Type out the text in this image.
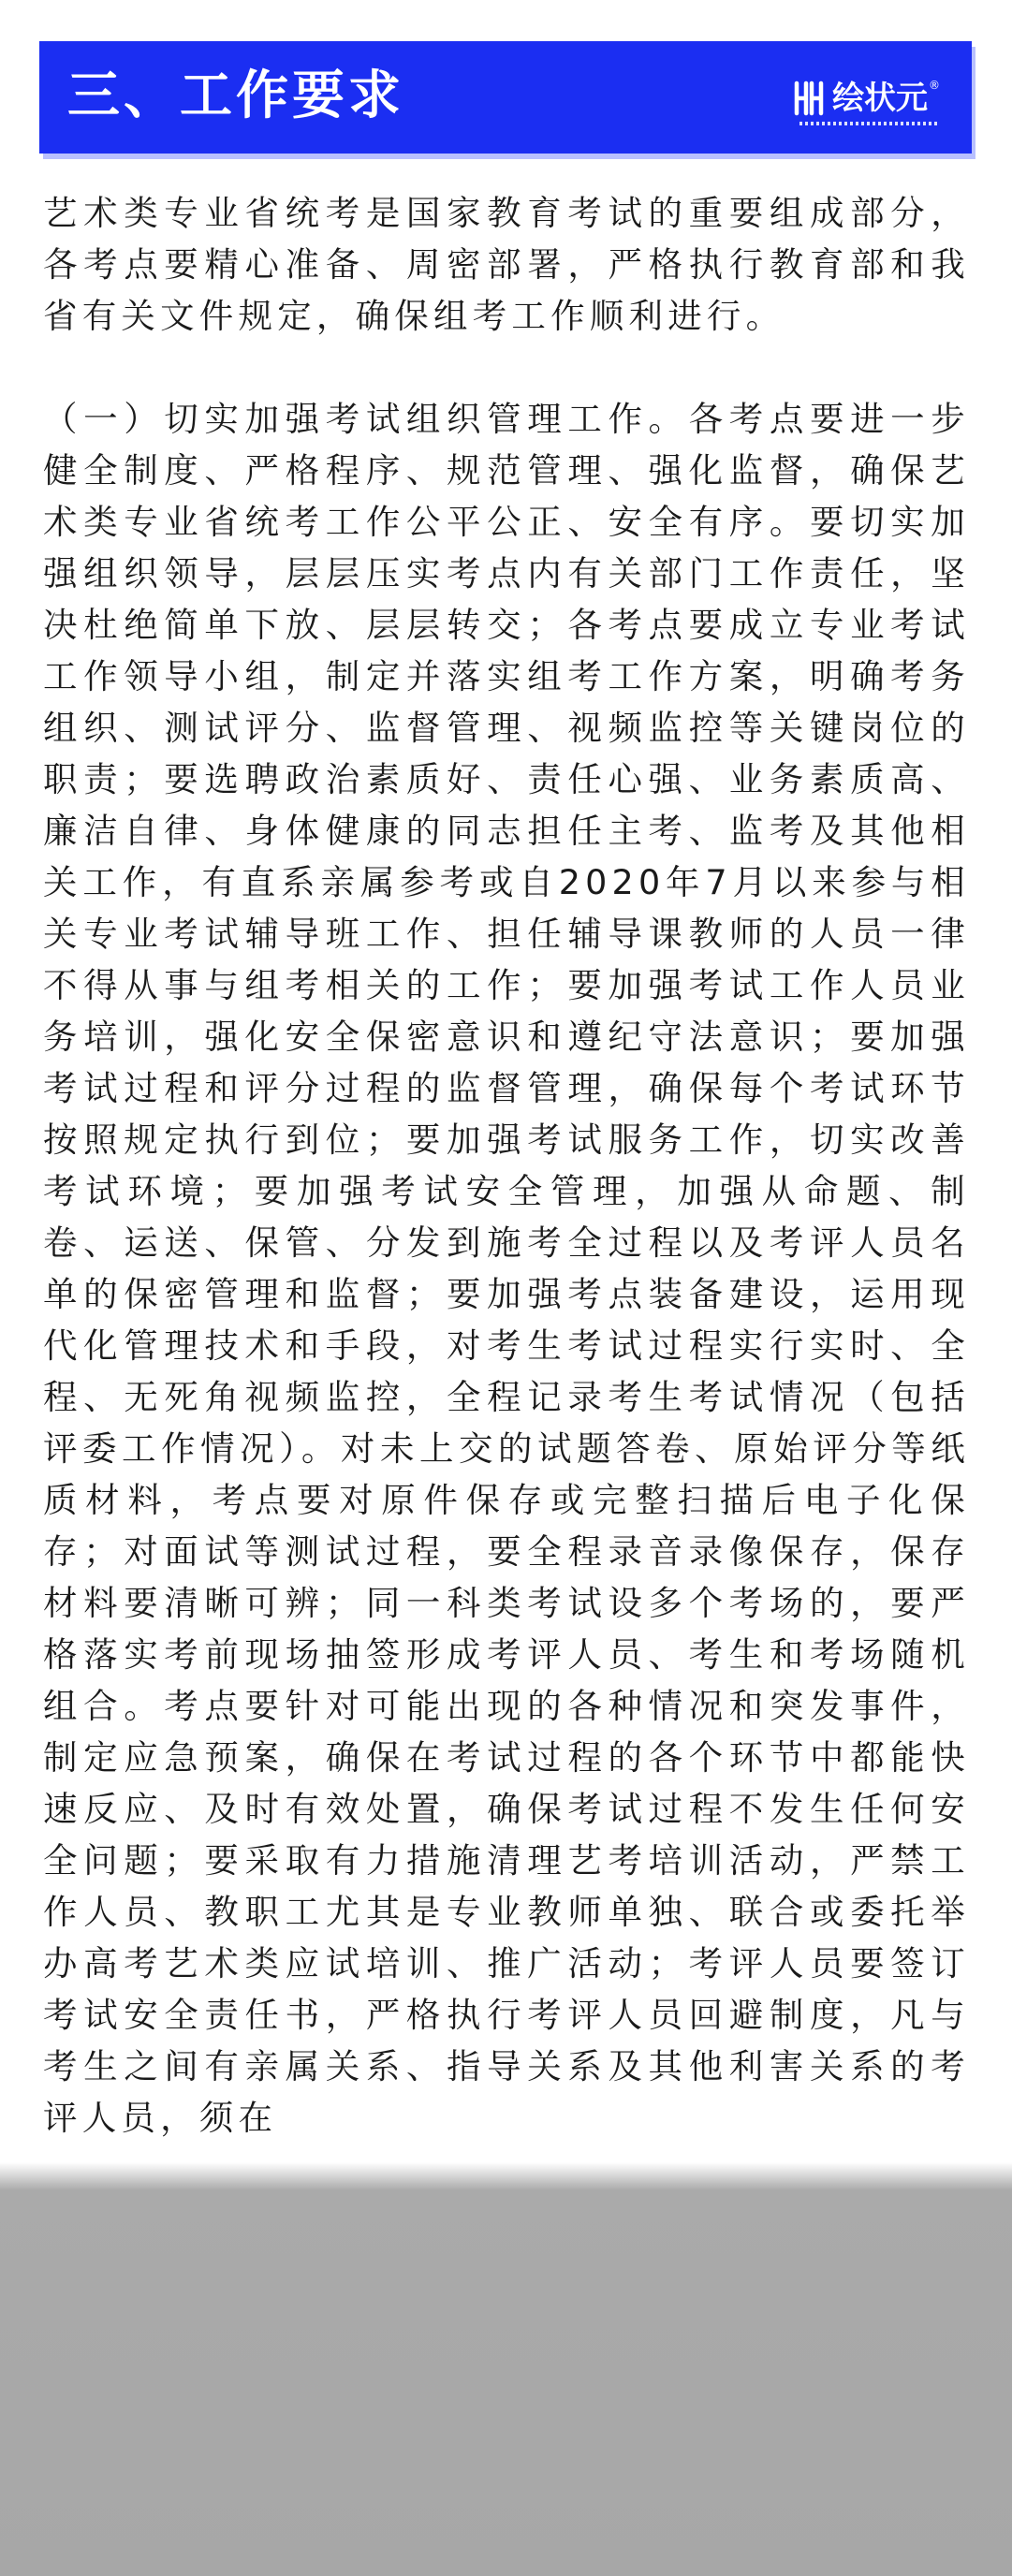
三、工作要求	绘状元 ®

艺术类专业省统考是国家教育考试的重要组成部分，各考点要精心准备、周密部署，严格执行教育部和我省有关文件规定，确保组考工作顺利进行。

（一）切实加强考试组织管理工作。各考点要进一步健全制度、严格程序、规范管理、强化监督，确保艺术类专业省统考工作公平公正、安全有序。要切实加强组织领导，层层压实考点内有关部门工作责任，坚决杜绝简单下放、层层转交；各考点要成立专业考试工作领导小组，制定并落实组考工作方案，明确考务组织、测试评分、监督管理、视频监控等关键岗位的职责；要选聘政治素质好、责任心强、业务素质高、廉洁自律、身体健康的同志担任主考、监考及其他相关工作，有直系亲属参考或自2020年7月以来参与相关专业考试辅导班工作、担任辅导课教师的人员一律不得从事与组考相关的工作；要加强考试工作人员业务培训，强化安全保密意识和遵纪守法意识；要加强考试过程和评分过程的监督管理，确保每个考试环节按照规定执行到位；要加强考试服务工作，切实改善考试环境；要加强考试安全管理，加强从命题、制卷、运送、保管、分发到施考全过程以及考评人员名单的保密管理和监督；要加强考点装备建设，运用现代化管理技术和手段，对考生考试过程实行实时、全程、无死角视频监控，全程记录考生考试情况（包括评委工作情况）。对未上交的试题答卷、原始评分等纸质材料，考点要对原件保存或完整扫描后电子化保存；对面试等测试过程，要全程录音录像保存，保存材料要清晰可辨；同一科类考试设多个考场的，要严格落实考前现场抽签形成考评人员、考生和考场随机组合。考点要针对可能出现的各种情况和突发事件，制定应急预案，确保在考试过程的各个环节中都能快速反应、及时有效处置，确保考试过程不发生任何安全问题；要采取有力措施清理艺考培训活动，严禁工作人员、教职工尤其是专业教师单独、联合或委托举办高考艺术类应试培训、推广活动；考评人员要签订考试安全责任书，严格执行考评人员回避制度，凡与考生之间有亲属关系、指导关系及其他利害关系的考评人员，须在
